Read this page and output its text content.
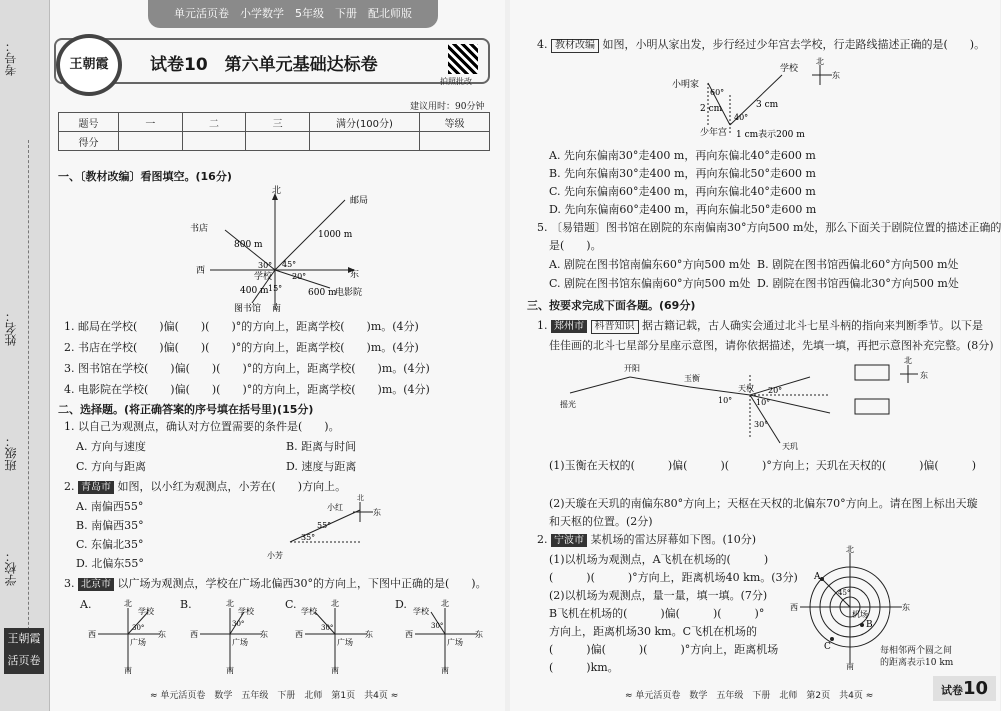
考号：
姓名：
班级：
学校：
王朝霞
活页卷
单元活页卷　小学数学　5年级　下册　配北师版
王朝霞	试卷10　第六单元基础达标卷
拍照批改
建议用时：90分钟
题号	一	二	三	满分(100分)	等级
得分					
一、〔教材改编〕看图填空。(16分)
北
东
西
南
邮局
书店
学校
图书馆
电影院
1000 m
800 m
400 m	600 m
30° 45°
20°
15°
1. 邮局在学校(　　)偏(　　)(　　)°的方向上，距离学校(　　)m。(4分)
2. 书店在学校(　　)偏(　　)(　　)°的方向上，距离学校(　　)m。(4分)
3. 图书馆在学校(　　)偏(　　)(　　)°的方向上，距离学校(　　)m。(4分)
4. 电影院在学校(　　)偏(　　)(　　)°的方向上，距离学校(　　)m。(4分)
二、选择题。(将正确答案的序号填在括号里)(15分)
1. 以自己为观测点，确认对方位置需要的条件是(　　)。
A. 方向与速度	B. 距离与时间
C. 方向与距离	D. 速度与距离
2. 青岛市 如图，以小红为观测点，小芳在(　　)方向上。
A. 南偏西55°
B. 南偏西35°
C. 东偏北35°
D. 北偏东55°
小红
小芳
东
北
55°
35°
3. 北京市 以广场为观测点，学校在广场北偏西30°的方向上，下图中正确的是(　　)。
A.	B.	C.	D.
北
南
西	东
学校
广场
30°
北
南
西	东
学校
广场
30°
北
南
西	东
学校
广场
30°
北
南
西	东
学校
广场
30°
≈ 单元活页卷　数学　五年级　下册　北师　第1页　共4页 ≈
4. 教材改编 如图，小明从家出发，步行经过少年宫去学校，行走路线描述正确的是(　　)。
小明家
少年宫
学校
北
东
2 cm	3 cm
60°
40°
1 cm表示200 m
A. 先向东偏南30°走400 m，再向东偏北40°走600 m
B. 先向东偏南30°走400 m，再向东偏北50°走600 m
C. 先向东偏南60°走400 m，再向东偏北40°走600 m
D. 先向东偏南60°走400 m，再向东偏北50°走600 m
5. 〔易错题〕图书馆在剧院的东南偏南30°方向500 m处，那么下面关于剧院位置的描述正确的
是(　　)。
A. 剧院在图书馆南偏东60°方向500 m处 B. 剧院在图书馆西偏北60°方向500 m处
C. 剧院在图书馆东偏南60°方向500 m处 D. 剧院在图书馆西偏北30°方向500 m处
三、按要求完成下面各题。(69分)
1. 郑州市 科普知识 据古籍记载，古人确实会通过北斗七星斗柄的指向来判断季节。以下是
佳佳画的北斗七星部分星座示意图，请你依据描述，先填一填，再把示意图补充完整。(8分)
摇光
开阳
玉衡
天权
天玑
北
东
10°	10°
20°
30°
(1)玉衡在天权的(　　　)偏(　　　)(　　　)°方向上；天玑在天权的(　　　)偏(　　　)
(2)天璇在天玑的南偏东80°方向上；天枢在天权的北偏东70°方向上。请在图上标出天璇
和天枢的位置。(2分)
2. 宁波市 某机场的雷达屏幕如下图。(10分)
(1)以机场为观测点，A飞机在机场的(　　　)
(　　　)(　　　)°方向上，距离机场40 km。(3分)
(2)以机场为观测点，量一量，填一填。(7分)
B飞机在机场的(　　　)偏(　　　)(　　　)°
方向上，距离机场30 km。C飞机在机场的
(　　　)偏(　　　)(　　　)°方向上，距离机场
(　　　)km。
北
南
西	东
A
B
C
机场
45°
每相邻两个圆之间
的距离表示10 km
≈ 单元活页卷　数学　五年级　下册　北师　第2页　共4页 ≈	试卷10
